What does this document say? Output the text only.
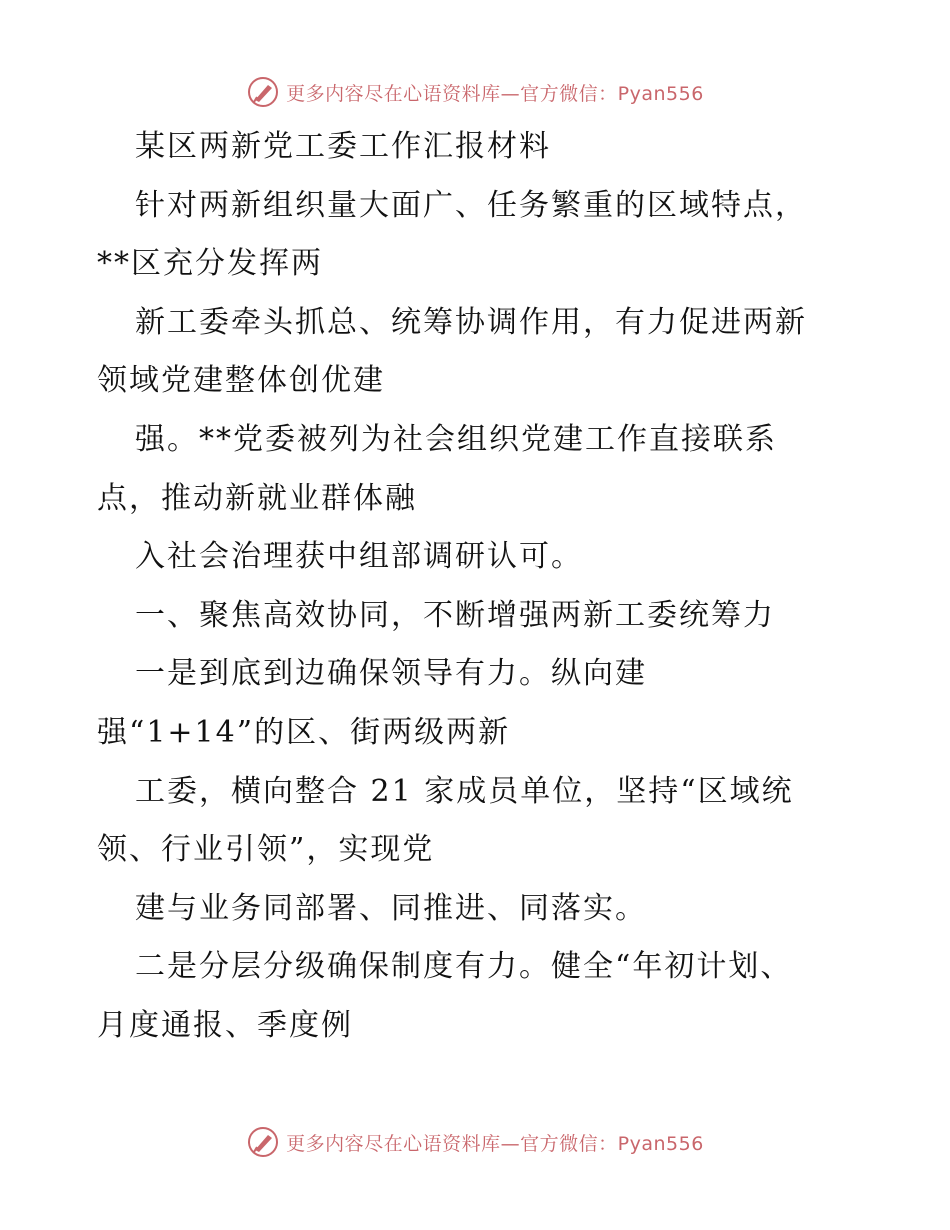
更多内容尽在心语资料库—官方微信：Pyan556
某区两新党工委工作汇报材料
针对两新组织量大面广、任务繁重的区域特点，
**区充分发挥两
新工委牵头抓总、统筹协调作用，有力促进两新
领域党建整体创优建
强。**党委被列为社会组织党建工作直接联系
点，推动新就业群体融
入社会治理获中组部调研认可。
一、聚焦高效协同，不断增强两新工委统筹力
一是到底到边确保领导有力。纵向建
强“1+14”的区、街两级两新
工委，横向整合 21 家成员单位，坚持“区域统
领、行业引领”，实现党
建与业务同部署、同推进、同落实。
二是分层分级确保制度有力。健全“年初计划、
月度通报、季度例
更多内容尽在心语资料库—官方微信：Pyan556
